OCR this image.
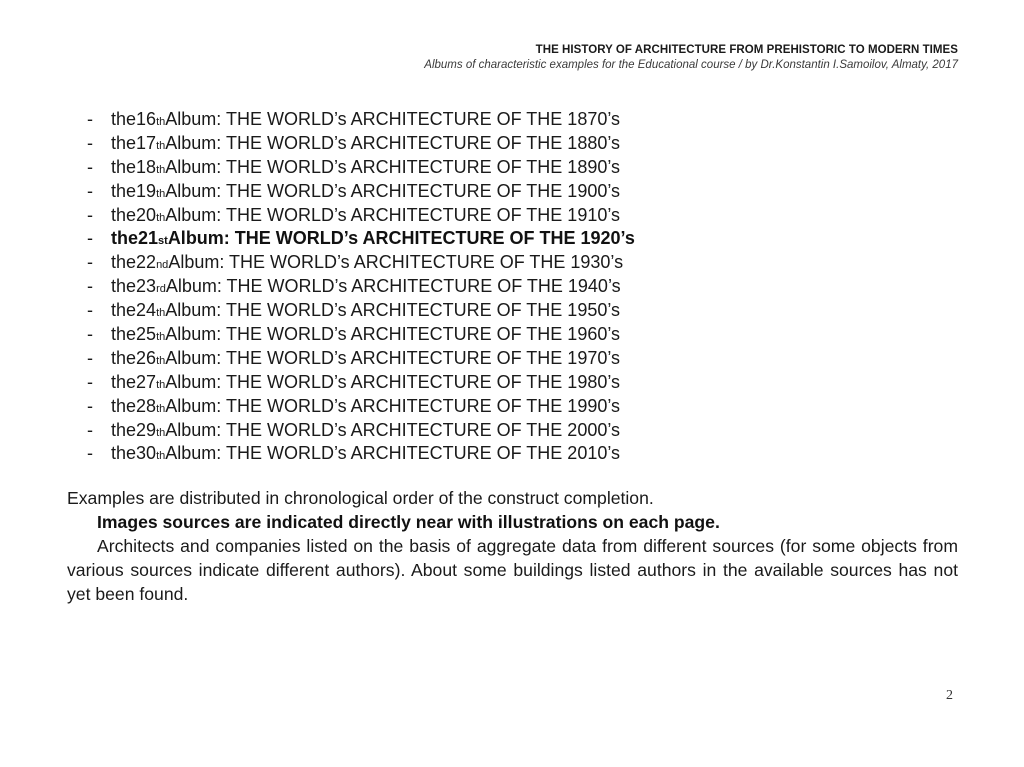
THE HISTORY OF ARCHITECTURE FROM PREHISTORIC TO MODERN TIMES
Albums of characteristic examples for the Educational course / by Dr.Konstantin I.Samoilov, Almaty, 2017
-	the 16 th Album: THE WORLD’s ARCHITECTURE OF THE 1870’s
-	the 17 th Album: THE WORLD’s ARCHITECTURE OF THE 1880’s
-	the 18 th Album: THE WORLD’s ARCHITECTURE OF THE 1890’s
-	the 19 th Album: THE WORLD’s ARCHITECTURE OF THE 1900’s
-	the 20 th Album: THE WORLD’s ARCHITECTURE OF THE 1910’s
-	the 21 st Album: THE WORLD’s ARCHITECTURE OF THE 1920’s
-	the 22 nd Album: THE WORLD’s ARCHITECTURE OF THE 1930’s
-	the 23 rd Album: THE WORLD’s ARCHITECTURE OF THE 1940’s
-	the 24 th Album: THE WORLD’s ARCHITECTURE OF THE 1950’s
-	the 25 th Album: THE WORLD’s ARCHITECTURE OF THE 1960’s
-	the 26 th Album: THE WORLD’s ARCHITECTURE OF THE 1970’s
-	the 27 th Album: THE WORLD’s ARCHITECTURE OF THE 1980’s
-	the 28 th Album: THE WORLD’s ARCHITECTURE OF THE 1990’s
-	the 29 th Album: THE WORLD’s ARCHITECTURE OF THE 2000’s
-	the 30 th Album: THE WORLD’s ARCHITECTURE OF THE 2010’s

Examples are distributed in chronological order of the construct completion.

Images sources are indicated directly near with illustrations on each page.

Architects and companies listed on the basis of aggregate data from different sources (for some objects from various sources indicate different authors). About some buildings listed authors in the available sources has not yet been found.

2
